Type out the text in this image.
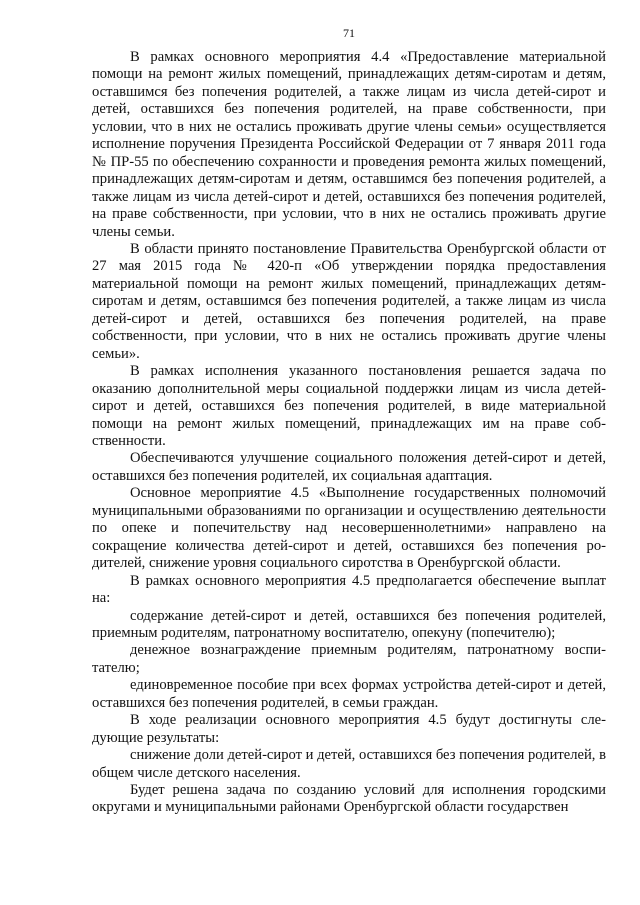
71

В рамках основного мероприятия 4.4 «Предоставление материальной помощи на ремонт жилых помещений, принадлежащих детям-сиротам и детям, оставшимся без попечения родителей, а также лицам из числа детей-сирот и детей, оставшихся без попечения родителей, на праве собственности, при условии, что в них не остались проживать другие члены семьи» осуществляется исполнение поручения Президента Российской Федерации от 7 января 2011 года № ПР-55 по обеспечению сохранности и проведения ремонта жилых помещений, принадлежащих детям-сиротам и детям, оставшимся без попечения родителей, а также лицам из числа детей-сирот и детей, оставшихся без попечения родителей, на праве собственности, при условии, что в них не остались проживать другие члены семьи.

В области принято постановление Правительства Оренбургской области от 27 мая 2015 года № 420-п «Об утверждении порядка предоставления материальной помощи на ремонт жилых помещений, принадлежащих детям-сиротам и детям, оставшимся без попечения родителей, а также лицам из числа детей-сирот и детей, оставшихся без попечения родителей, на праве собственности, при условии, что в них не остались проживать другие члены семьи».

В рамках исполнения указанного постановления решается задача по оказанию дополнительной меры социальной поддержки лицам из числа детей-сирот и детей, оставшихся без попечения родителей, в виде материальной помощи на ремонт жилых помещений, принадлежащих им на праве собственности.

Обеспечиваются улучшение социального положения детей-сирот и детей, оставшихся без попечения родителей, их социальная адаптация.

Основное мероприятие 4.5 «Выполнение государственных полномочий муниципальными образованиями по организации и осуществлению деятельности по опеке и попечительству над несовершеннолетними» направлено на сокращение количества детей-сирот и детей, оставшихся без попечения родителей, снижение уровня социального сиротства в Оренбургской области.

В рамках основного мероприятия 4.5 предполагается обеспечение выплат на:

содержание детей-сирот и детей, оставшихся без попечения родителей, приемным родителям, патронатному воспитателю, опекуну (попечителю);

денежное вознаграждение приемным родителям, патронатному воспитателю;

единовременное пособие при всех формах устройства детей-сирот и детей, оставшихся без попечения родителей, в семьи граждан.

В ходе реализации основного мероприятия 4.5 будут достигнуты следующие результаты:

снижение доли детей-сирот и детей, оставшихся без попечения родителей, в общем числе детского населения.

Будет решена задача по созданию условий для исполнения городскими округами и муниципальными районами Оренбургской области государствен
